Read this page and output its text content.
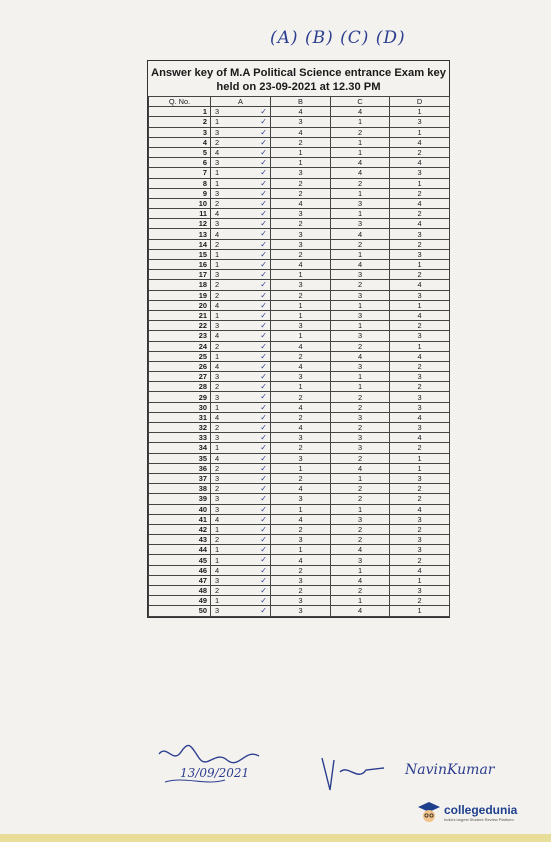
(A) (B) (C) (D)
Answer key of M.A Political Science entrance Exam key
held on 23-09-2021 at 12.30 PM
Q. No.	A	B	C	D
1	3 ✓	4	4	1
2	1 ✓	3	1	3
3	3 ✓	4	2	1
4	2 ✓	2	1	4
5	4 ✓	1	1	2
6	3 ✓	1	4	4
7	1 ✓	3	4	3
8	1 ✓	2	2	1
9	3 ✓	2	1	2
10	2 ✓	4	3	4
11	4 ✓	3	1	2
12	3 ✓	2	3	4
13	4 ✓	3	4	3
14	2 ✓	3	2	2
15	1 ✓	2	1	3
16	1 ✓	4	4	1
17	3 ✓	1	3	2
18	2 ✓	3	2	4
19	2 ✓	2	3	3
20	4 ✓	1	1	1
21	1 ✓	1	3	4
22	3 ✓	3	1	2
23	4 ✓	1	3	3
24	2 ✓	4	2	1
25	1 ✓	2	4	4
26	4 ✓	4	3	2
27	3 ✓	3	1	3
28	2 ✓	1	1	2
29	3 ✓	2	2	3
30	1 ✓	4	2	3
31	4 ✓	2	3	4
32	2 ✓	4	2	3
33	3 ✓	3	3	4
34	1 ✓	2	3	2
35	4 ✓	3	2	1
36	2 ✓	1	4	1
37	3 ✓	2	1	3
38	2 ✓	4	2	2
39	3 ✓	3	2	2
40	3 ✓	1	1	4
41	4 ✓	4	3	3
42	1 ✓	2	2	2
43	2 ✓	3	2	3
44	1 ✓	1	4	3
45	1 ✓	4	3	2
46	4 ✓	2	1	4
47	3 ✓	3	4	1
48	2 ✓	2	2	3
49	1 ✓	3	1	2
50	3 ✓	3	4	1
13/09/2021	NavinKumar
collegedunia
India's largest Student Review Platform
